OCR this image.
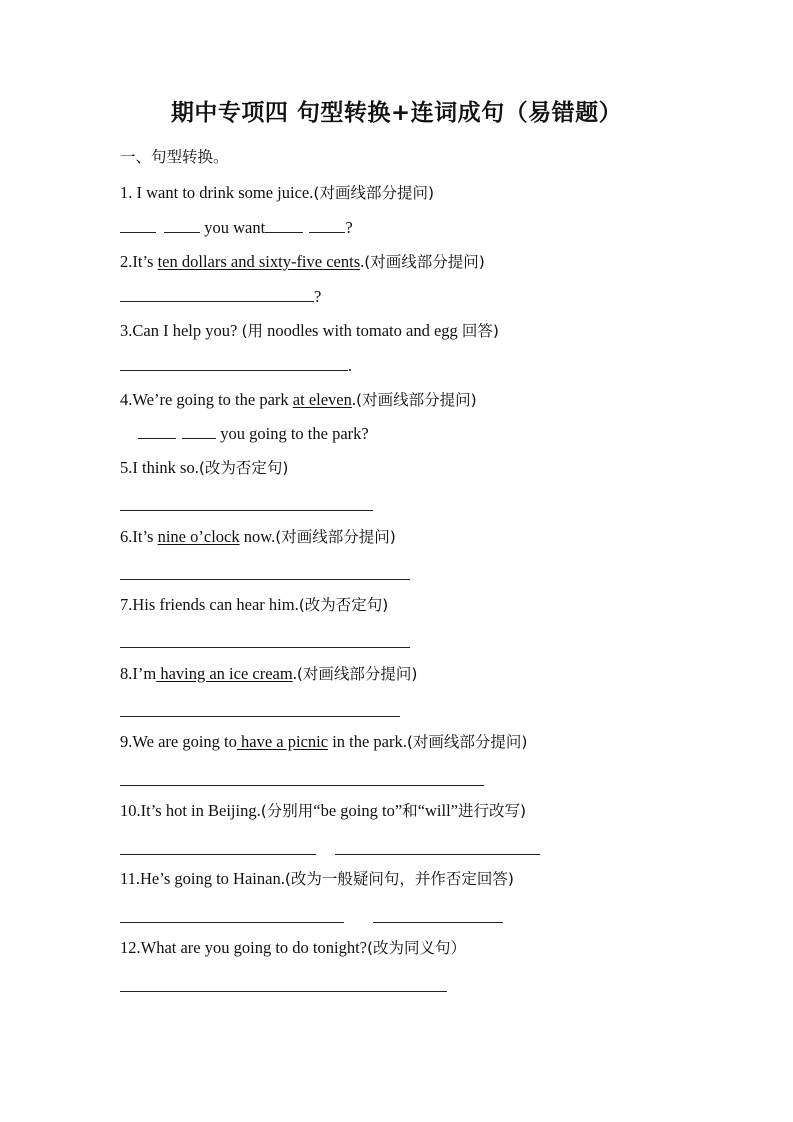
期中专项四 句型转换+连词成句（易错题）
一、句型转换。
1. I want to drink some juice.(对画线部分提问)
you want	?
2.It’s ten dollars and sixty-five cents.(对画线部分提问)
?
3.Can I help you? (用 noodles with tomato and egg 回答)
.
4.We’re going to the park at eleven.(对画线部分提问)
you going to the park?
5.I think so.(改为否定句)
6.It’s nine o’clock now.(对画线部分提问)
7.His friends can hear him.(改为否定句)
8.I’m having an ice cream.(对画线部分提问)
9.We are going to have a picnic in the park.(对画线部分提问)
10.It’s hot in Beijing.(分别用“be going to”和“will”进行改写)
11.He’s going to Hainan.(改为一般疑问句，并作否定回答)
12.What are you going to do tonight?(改为同义句）
